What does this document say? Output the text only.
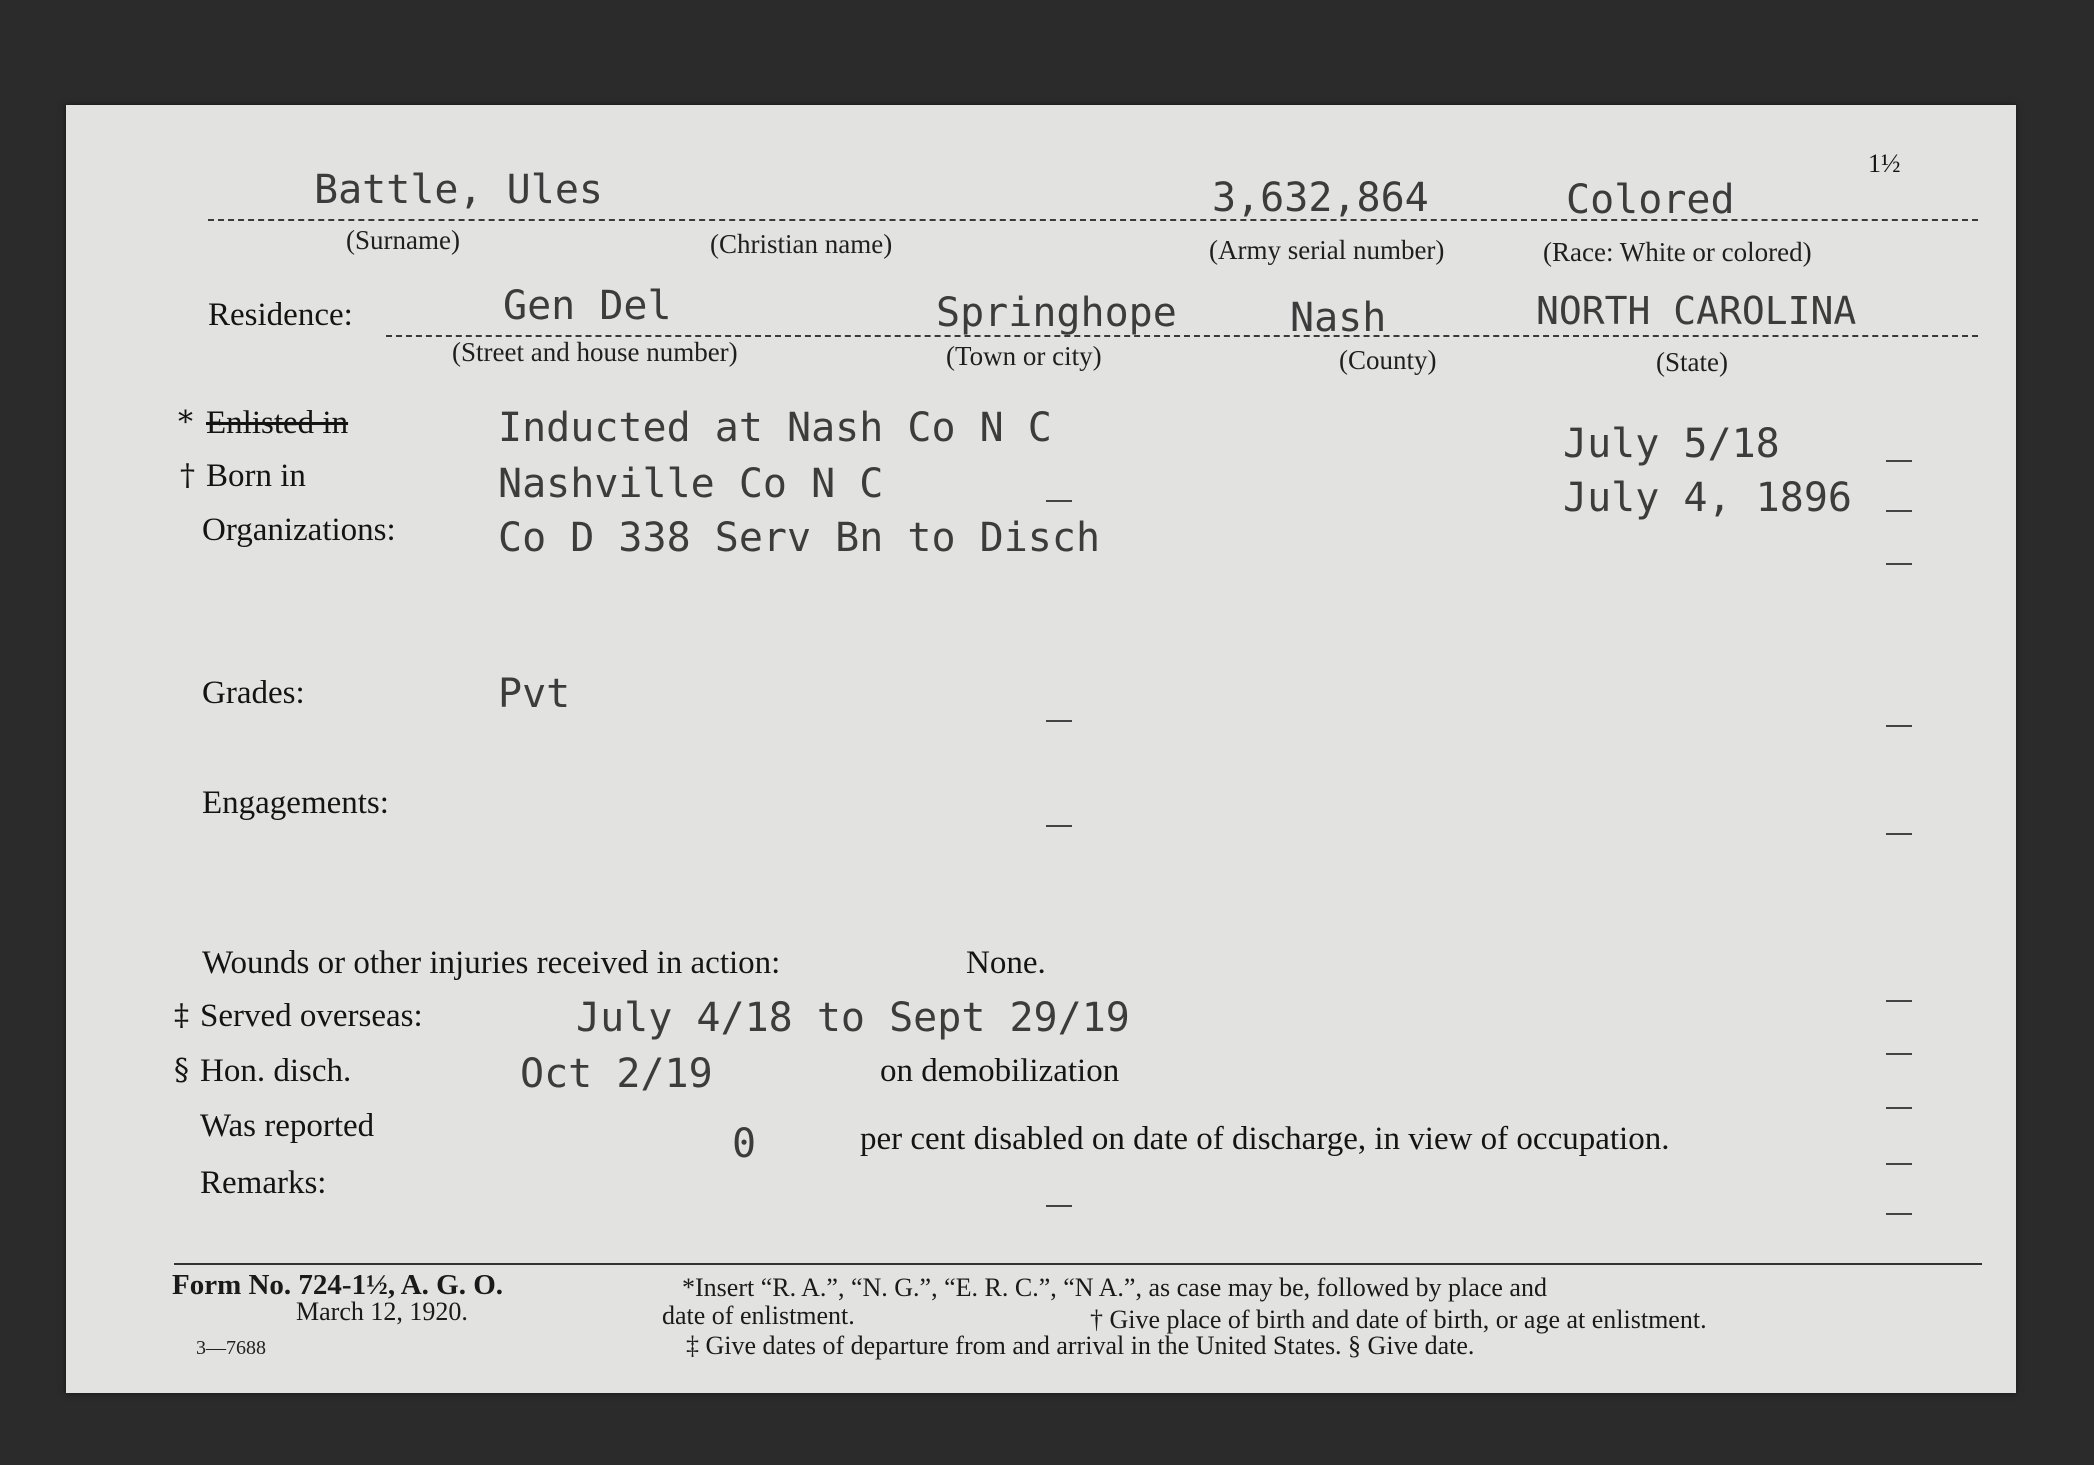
Battle, Ules	3,632,864	Colored
1½
(Surname)	(Christian name)	(Army serial number)	(Race: White or colored)
Residence:	Gen Del	Springhope	Nash	NORTH CAROLINA
(Street and house number)	(Town or city)	(County)	(State)
* Enlisted in	Inducted at Nash Co N C	July 5/18
† Born in	Nashville Co N C	July 4, 1896
Organizations:	Co D 338 Serv Bn to Disch
Grades:	Pvt
Engagements:
Wounds or other injuries received in action:	None.
‡ Served overseas:	July 4/18 to Sept 29/19
§ Hon. disch.	Oct 2/19	on demobilization
Was reported	0	per cent disabled on date of discharge, in view of occupation.
Remarks:
Form No. 724-1½, A. G. O.
March 12, 1920.
3—7688
*Insert “R. A.”, “N. G.”, “E. R. C.”, “N A.”, as case may be, followed by place and
date of enlistment.	† Give place of birth and date of birth, or age at enlistment.
‡ Give dates of departure from and arrival in the United States. § Give date.
